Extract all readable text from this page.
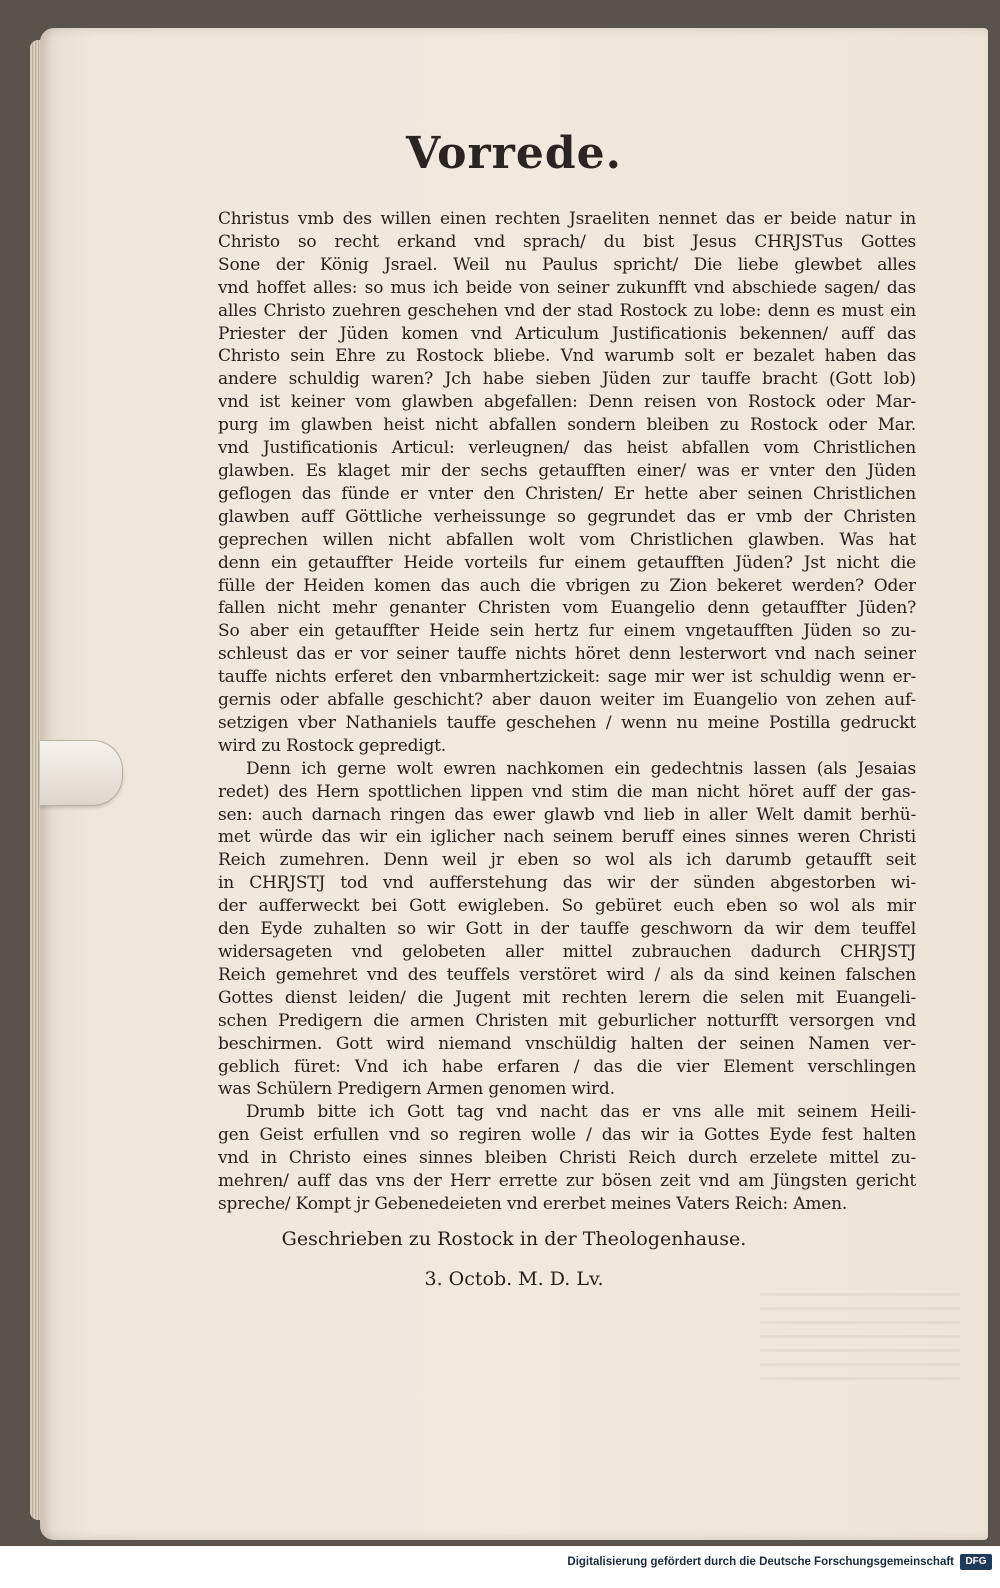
Vorrede.
Christus vmb des willen einen rechten Jsraeliten nennet das er beide natur in
Christo so recht erkand vnd sprach/ du bist Jesus CHRJSTus Gottes
Sone der König Jsrael. Weil nu Paulus spricht/ Die liebe glewbet alles
vnd hoffet alles: so mus ich beide von seiner zukunfft vnd abschiede sagen/ das
alles Christo zuehren geschehen vnd der stad Rostock zu lobe: denn es must ein
Priester der Jüden komen vnd Articulum Justificationis bekennen/ auff das
Christo sein Ehre zu Rostock bliebe. Vnd warumb solt er bezalet haben das
andere schuldig waren? Jch habe sieben Jüden zur tauffe bracht (Gott lob)
vnd ist keiner vom glawben abgefallen: Denn reisen von Rostock oder Mar-
purg im glawben heist nicht abfallen sondern bleiben zu Rostock oder Mar.
vnd Justificationis Articul: verleugnen/ das heist abfallen vom Christlichen
glawben. Es klaget mir der sechs getaufften einer/ was er vnter den Jüden
geflogen das fünde er vnter den Christen/ Er hette aber seinen Christlichen
glawben auff Göttliche verheissunge so gegrundet das er vmb der Christen
geprechen willen nicht abfallen wolt vom Christlichen glawben. Was hat
denn ein getauffter Heide vorteils fur einem getaufften Jüden? Jst nicht die
fülle der Heiden komen das auch die vbrigen zu Zion bekeret werden? Oder
fallen nicht mehr genanter Christen vom Euangelio denn getauffter Jüden?
So aber ein getauffter Heide sein hertz fur einem vngetaufften Jüden so zu-
schleust das er vor seiner tauffe nichts höret denn lesterwort vnd nach seiner
tauffe nichts erferet den vnbarmhertzickeit: sage mir wer ist schuldig wenn er-
gernis oder abfalle geschicht? aber dauon weiter im Euangelio von zehen auf-
setzigen vber Nathaniels tauffe geschehen / wenn nu meine Postilla gedruckt
wird zu Rostock gepredigt.
Denn ich gerne wolt ewren nachkomen ein gedechtnis lassen (als Jesaias
redet) des Hern spottlichen lippen vnd stim die man nicht höret auff der gas-
sen: auch darnach ringen das ewer glawb vnd lieb in aller Welt damit berhü-
met würde das wir ein iglicher nach seinem beruff eines sinnes weren Christi
Reich zumehren. Denn weil jr eben so wol als ich darumb getaufft seit
in CHRJSTJ tod vnd aufferstehung das wir der sünden abgestorben wi-
der aufferweckt bei Gott ewigleben. So gebüret euch eben so wol als mir
den Eyde zuhalten so wir Gott in der tauffe geschworn da wir dem teuffel
widersageten vnd gelobeten aller mittel zubrauchen dadurch CHRJSTJ
Reich gemehret vnd des teuffels verstöret wird / als da sind keinen falschen
Gottes dienst leiden/ die Jugent mit rechten lerern die selen mit Euangeli-
schen Predigern die armen Christen mit geburlicher notturfft versorgen vnd
beschirmen. Gott wird niemand vnschüldig halten der seinen Namen ver-
geblich füret: Vnd ich habe erfaren / das die vier Element verschlingen
was Schülern Predigern Armen genomen wird.
Drumb bitte ich Gott tag vnd nacht das er vns alle mit seinem Heili-
gen Geist erfullen vnd so regiren wolle / das wir ia Gottes Eyde fest halten
vnd in Christo eines sinnes bleiben Christi Reich durch erzelete mittel zu-
mehren/ auff das vns der Herr errette zur bösen zeit vnd am Jüngsten gericht
spreche/ Kompt jr Gebenedeieten vnd ererbet meines Vaters Reich: Amen.
Geschrieben zu Rostock in der Theologenhause.
3. Octob. M. D. Lv.
Digitalisierung gefördert durch die Deutsche Forschungsgemeinschaft	DFG
